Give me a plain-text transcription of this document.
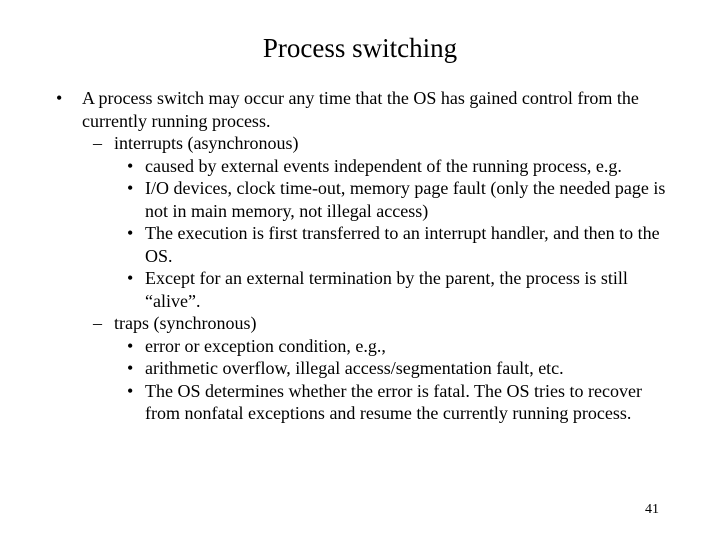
Process switching
• A process switch may occur any time that the OS has gained control from the currently running process.
– interrupts (asynchronous)
• caused by external events independent of the running process, e.g.
• I/O devices, clock time-out, memory page fault (only the needed page is not in main memory, not illegal access)
• The execution is first transferred to an interrupt handler, and then to the OS.
• Except for an external termination by the parent, the process is still “alive”.
– traps (synchronous)
• error or exception condition, e.g.,
• arithmetic overflow, illegal access/segmentation fault, etc.
• The OS determines whether the error is fatal. The OS tries to recover from nonfatal exceptions and resume the currently running process.
41
